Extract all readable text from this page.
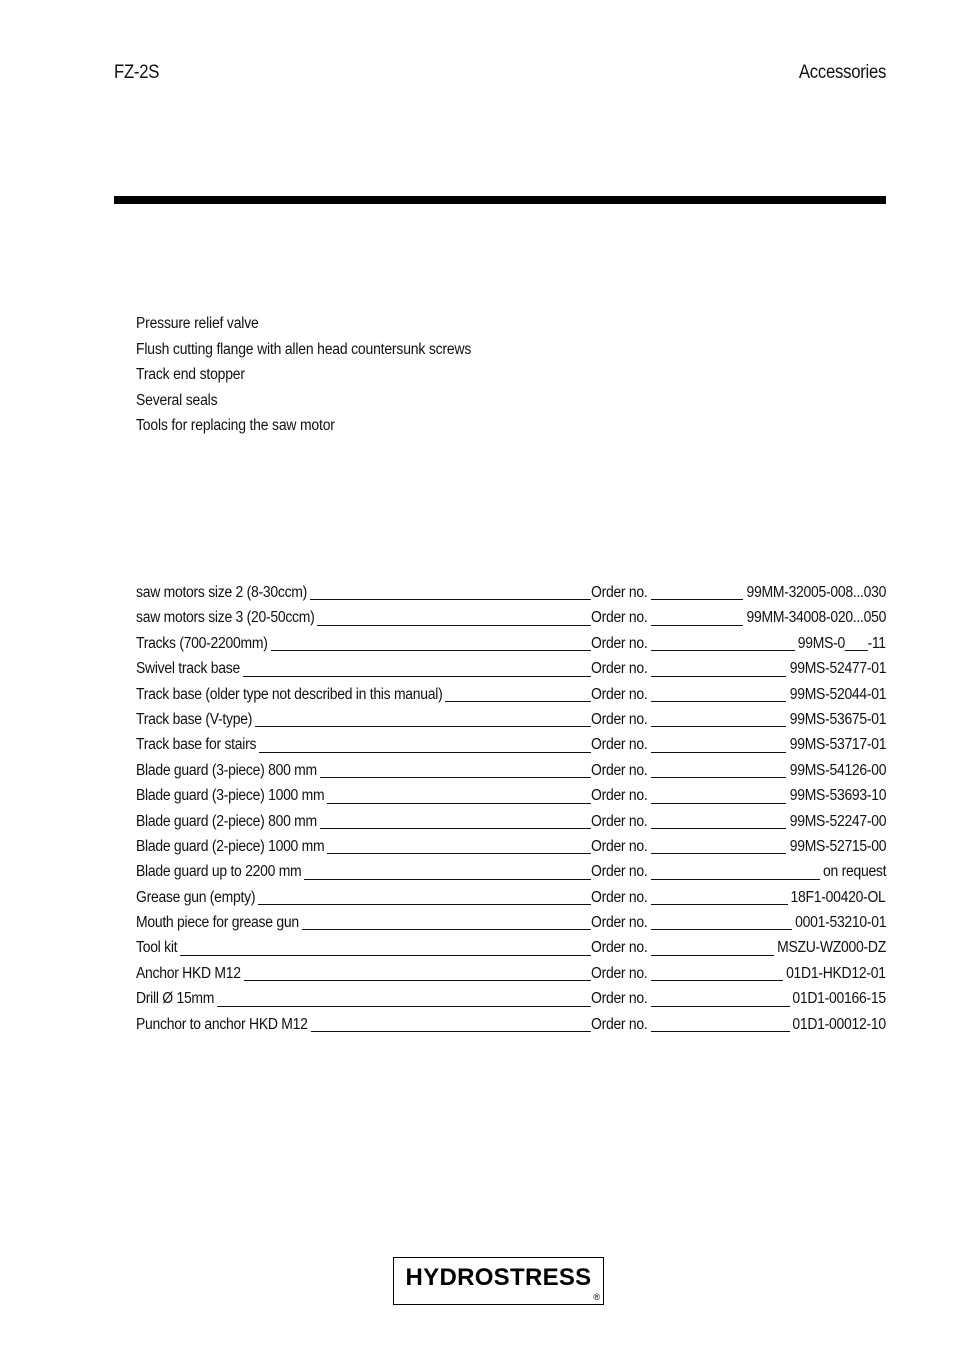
FZ-2S	Accessories
Pressure relief valve
Flush cutting flange with allen head countersunk screws
Track end stopper
Several seals
Tools for replacing the saw motor
saw motors size 2 (8-30ccm)	Order no.	99MM-32005-008...030
saw motors size 3 (20-50ccm)	Order no.	99MM-34008-020...050
Tracks (700-2200mm)	Order no.	99MS-0___-11
Swivel track base	Order no.	99MS-52477-01
Track base (older type not described in this manual)	Order no.	99MS-52044-01
Track base (V-type)	Order no.	99MS-53675-01
Track base for stairs	Order no.	99MS-53717-01
Blade guard (3-piece) 800 mm	Order no.	99MS-54126-00
Blade guard (3-piece) 1000 mm	Order no.	99MS-53693-10
Blade guard (2-piece) 800 mm	Order no.	99MS-52247-00
Blade guard (2-piece) 1000 mm	Order no.	99MS-52715-00
Blade guard up to 2200 mm	Order no.	on request
Grease gun (empty)	Order no.	18F1-00420-OL
Mouth piece for grease gun	Order no.	0001-53210-01
Tool kit	Order no.	MSZU-WZ000-DZ
Anchor HKD M12	Order no.	01D1-HKD12-01
Drill Ø 15mm	Order no.	01D1-00166-15
Punchor to anchor HKD M12	Order no.	01D1-00012-10
HYDROSTRESS
®
